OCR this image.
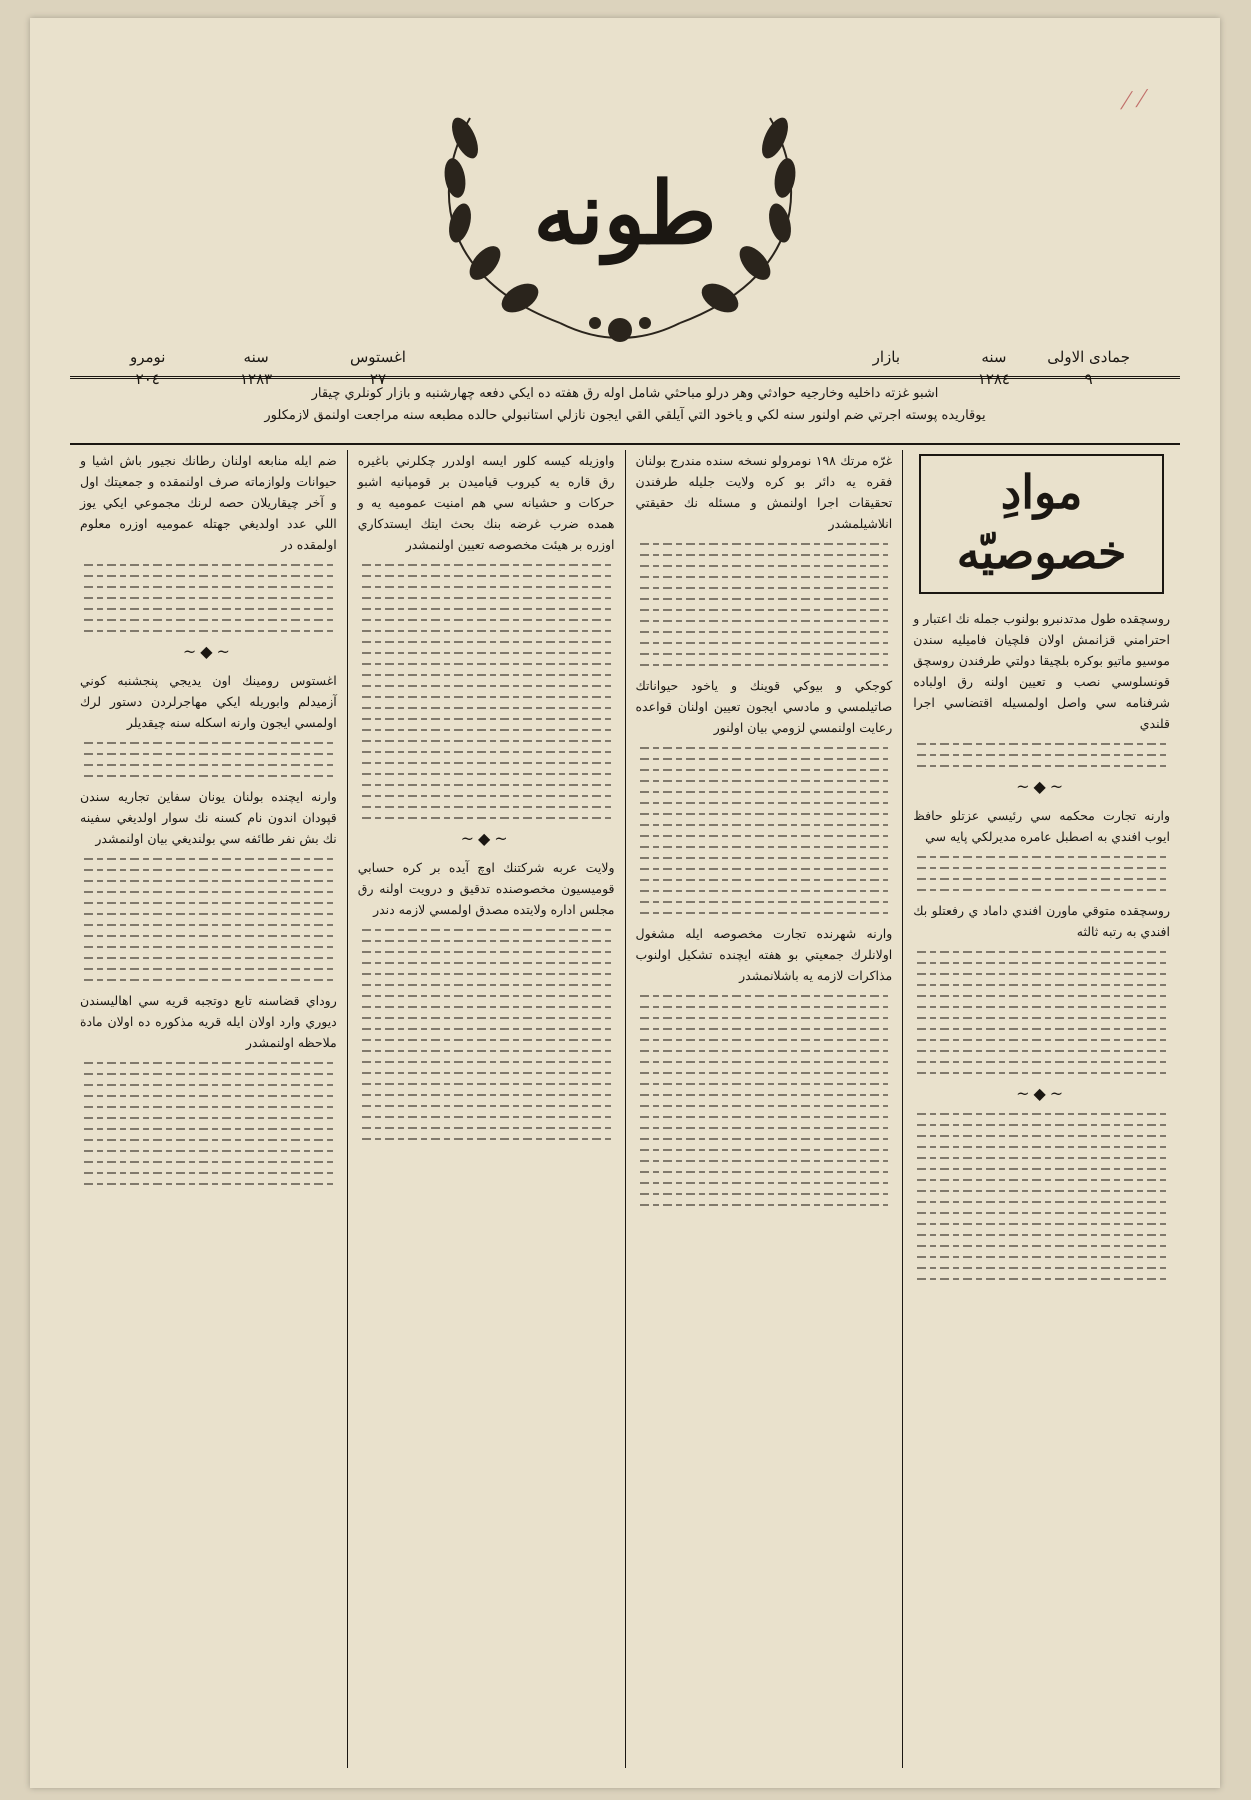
⟋⟋
طونه
جمادى الاولى
٩
سنه
١٢٨٤
بازار
اغستوس
٢٧
سنه
١٢٨٣
نومرو
٢٠٤
اشبو غزته داخليه وخارجيه حوادثي وهر درلو مباحثي شامل اوله رق هفته ده ايكي دفعه چهارشنبه و بازار كونلري چيقار
يوقاريده پوسته اجرتي ضم اولنور سنه لكي و ياخود التي آيلقي القي ايجون نازلي استانبولي حالده مطبعه سنه مراجعت اولنمق لازمكلور
موادِ خصوصيّه

روسچقده طول مدتدنبرو بولنوب جمله نك اعتبار و احترامني قزانمش اولان فلچيان فاميليه سندن موسيو ماتيو بوكره بلچيقا دولتي طرفندن روسچق قونسلوسي نصب و تعيين اولنه رق اولباده شرفنامه سي واصل اولمسيله اقتضاسي اجرا قلندي

~◆~

وارنه تجارت محكمه سي رئيسي عزتلو حافظ ايوب افندي به اصطبل عامره مديرلكي پايه سي

روسچقده متوقي ماورن افندي داماد ي رفعتلو بك افندي به رتبه ثالثه

~◆~

غرّه مرتك ١٩٨ نومرولو نسخه سنده مندرج بولنان فقره يه دائر بو كره ولايت جليله طرفندن تحقيقات اجرا اولنمش و مسئله نك حقيقتي انلاشيلمشدر

كوجكي و بيوكي قوينك و ياخود حيواناتك صاتيلمسي و مادسي ايجون تعيين اولنان قواعده رعايت اولنمسي لزومي بيان اولنور

وارنه شهرنده تجارت مخصوصه ايله مشغول اولانلرك جمعيتي بو هفته ايچنده تشكيل اولنوب مذاكرات لازمه يه باشلانمشدر

واوزيله كيسه كلور ايسه اولدرر چكلرني باغيره رق قاره يه كيروب قياميدن بر قومپانيه اشبو حركات و حشيانه سي هم امنيت عموميه يه و همده ضرب غرضه بنك بحث ايتك ايستدكاري اوزره بر هيئت مخصوصه تعيين اولنمشدر

~◆~

ولايت عربه شركتنك اوچ آيده بر كره حسابي قوميسيون مخصوصنده تدقيق و درويت اولنه رق مجلس اداره ولايتده مصدق اولمسي لازمه دندر

ضم ايله منابعه اولنان رطانك نجيور باش اشيا و حيوانات ولوازماته صرف اولنمقده و جمعيتك اول و آخر چيقاريلان حصه لرنك مجموعي ايكي يوز اللي عدد اولديغي جهتله عموميه اوزره معلوم اولمقده در

~◆~

اغستوس رومينك اون يديجي پنجشنبه كوني آزميدلم وابوريله ايكي مهاجرلردن دستور لرك اولمسي ايجون وارنه اسكله سنه چيقديلر

وارنه ايچنده بولنان يونان سفاين تجاريه سندن قپودان اندون نام كسنه نك سوار اولديغي سفينه نك بش نفر طائفه سي بولنديغي بيان اولنمشدر

روداي قضاسنه تابع دوتجبه قريه سي اهاليسندن ديوري وارد اولان ايله قريه مذكوره ده اولان مادة ملاحظه اولنمشدر
